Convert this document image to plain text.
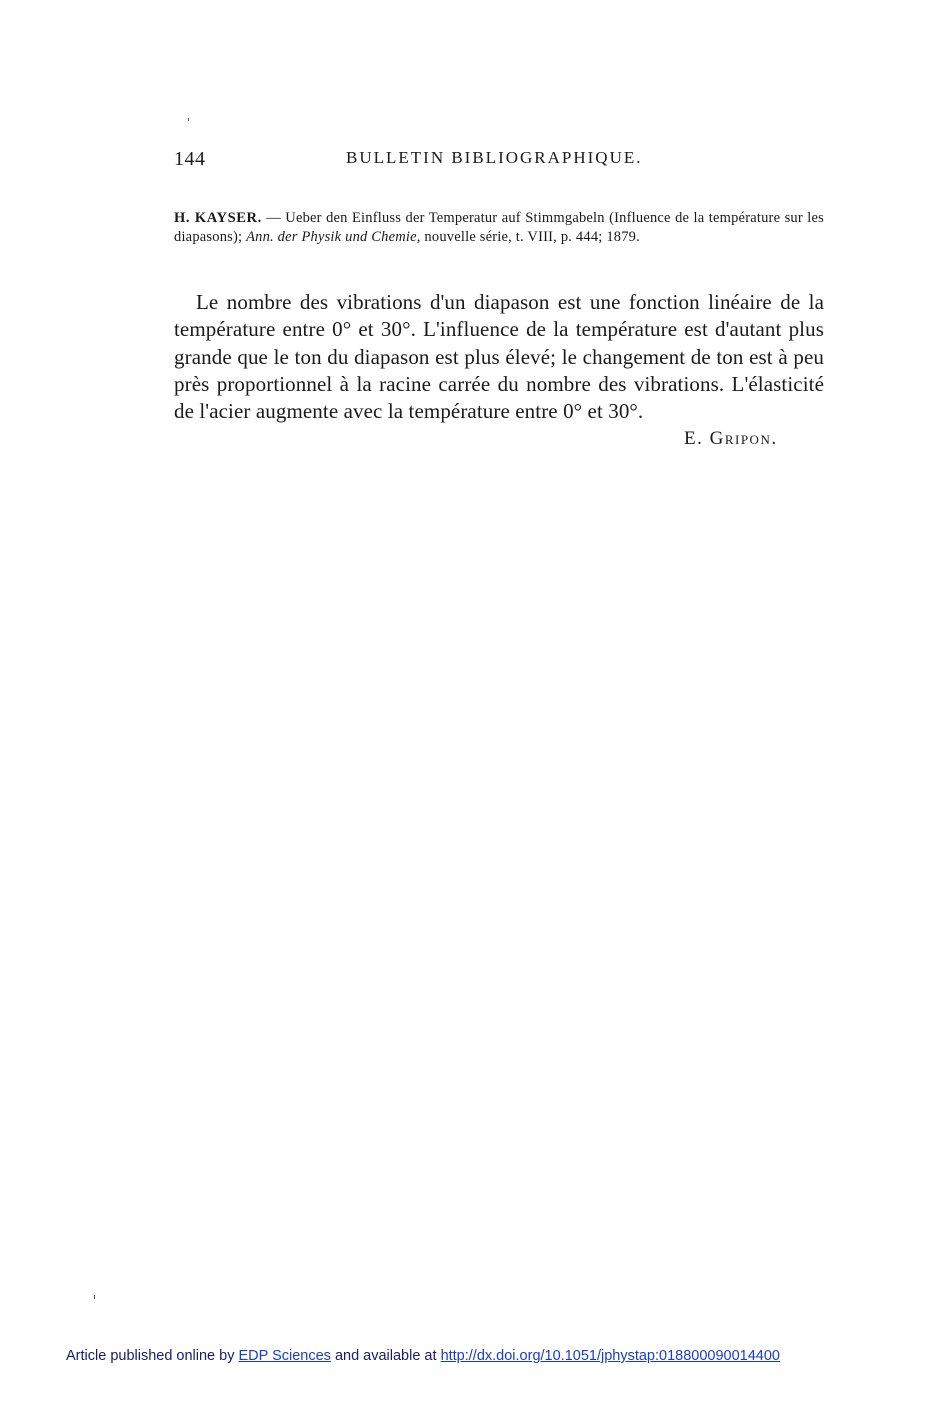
144	BULLETIN BIBLIOGRAPHIQUE.
H. KAYSER. — Ueber den Einfluss der Temperatur auf Stimmgabeln (Influence de la température sur les diapasons); Ann. der Physik und Chemie, nouvelle série, t. VIII, p. 444; 1879.
Le nombre des vibrations d'un diapason est une fonction linéaire de la température entre 0° et 30°. L'influence de la température est d'autant plus grande que le ton du diapason est plus élevé; le changement de ton est à peu près proportionnel à la racine carrée du nombre des vibrations. L'élasticité de l'acier augmente avec la température entre 0° et 30°.
E. Gripon.
Article published online by EDP Sciences and available at http://dx.doi.org/10.1051/jphystap:018800090014400
